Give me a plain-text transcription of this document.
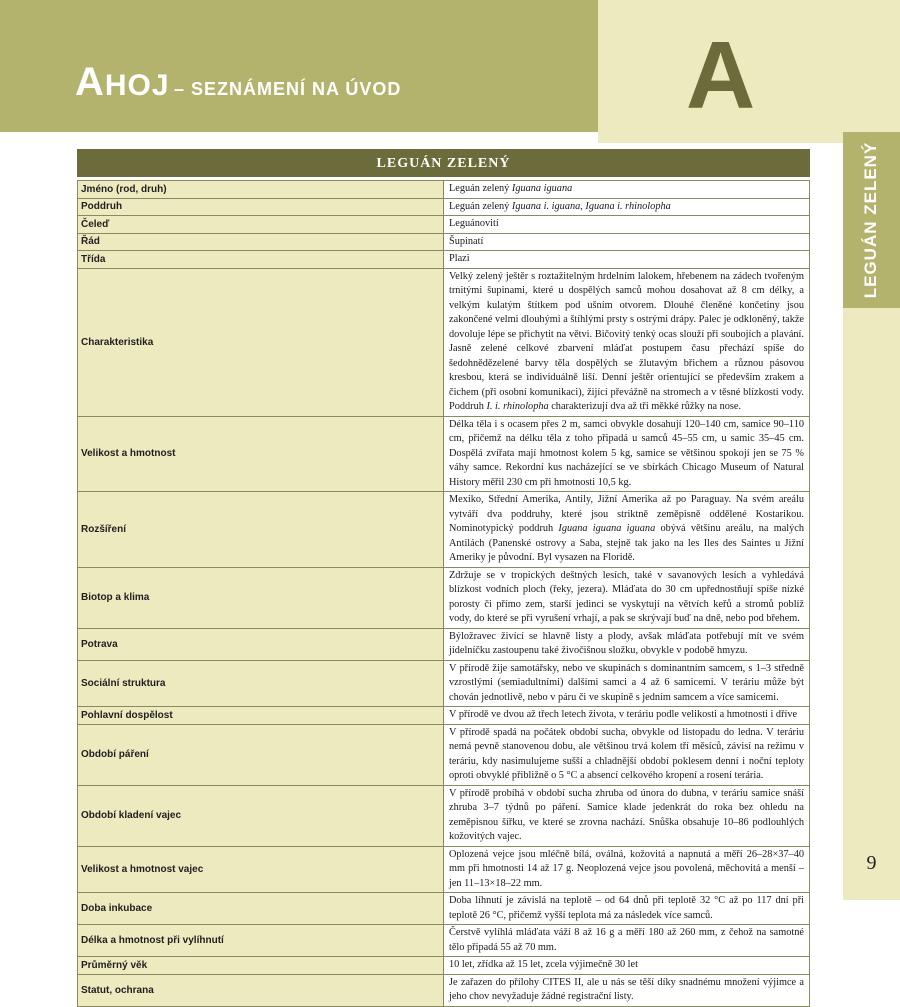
AHOJ – SEZNÁMENÍ NA ÚVOD	A
LEGUÁN ZELENÝ
9
LEGUÁN ZELENÝ	

Jméno (rod, druh)	Leguán zelený Iguana iguana
Poddruh	Leguán zelený Iguana i. iguana, Iguana i. rhinolopha
Čeleď	Leguánovití
Řád	Šupinatí
Třída	Plazi
Charakteristika	Velký zelený ještěr s roztažitelným hrdelním lalokem, hřebenem na zádech tvořeným trnitými šupinami, které u dospělých samců mohou dosahovat až 8 cm délky, a velkým kulatým štítkem pod ušním otvorem. Dlouhé členěné končetiny jsou zakončené velmi dlouhými a štíhlými prsty s ostrými drápy. Palec je odkloněný, takže dovoluje lépe se přichytit na větvi. Bičovitý tenký ocas slouží při soubojích a plavání. Jasně zelené celkové zbarvení mláďat postupem času přechází spíše do šedohnědězelené barvy těla dospělých se žlutavým břichem a různou pásovou kresbou, která se individuálně liší. Denní ještěr orientující se především zrakem a čichem (při osobní komunikaci), žijící převážně na stromech a v těsné blízkosti vody. Poddruh I. i. rhinolopha charakterizují dva až tři měkké růžky na nose.
Velikost a hmotnost	Délka těla i s ocasem přes 2 m, samci obvykle dosahují 120–140 cm, samice 90–110 cm, přičemž na délku těla z toho připadá u samců 45–55 cm, u samic 35–45 cm. Dospělá zvířata mají hmotnost kolem 5 kg, samice se většinou spokojí jen se 75 % váhy samce. Rekordní kus nacházející se ve sbírkách Chicago Museum of Natural History měřil 230 cm při hmotnosti 10,5 kg.
Rozšíření	Mexiko, Střední Amerika, Antily, Jižní Amerika až po Paraguay. Na svém areálu vytváří dva poddruhy, které jsou striktně zeměpisně oddělené Kostarikou. Nominotypický poddruh Iguana iguana iguana obývá většinu areálu, na malých Antilách (Panenské ostrovy a Saba, stejně tak jako na les Iles des Saintes u Jižní Ameriky je původní. Byl vysazen na Floridě.
Biotop a klima	Zdržuje se v tropických deštných lesích, také v savanových lesích a vyhledává blízkost vodních ploch (řeky, jezera). Mláďata do 30 cm upřednostňují spíše nízké porosty či přímo zem, starší jedinci se vyskytují na větvích keřů a stromů poblíž vody, do které se při vyrušení vrhají, a pak se skrývají buď na dně, nebo pod břehem.
Potrava	Býložravec živící se hlavně listy a plody, avšak mláďata potřebují mít ve svém jídelníčku zastoupenu také živočišnou složku, obvykle v podobě hmyzu.
Sociální struktura	V přírodě žije samotářsky, nebo ve skupinách s dominantním samcem, s 1–3 středně vzrostlými (semiadultními) dalšími samci a 4 až 6 samicemi. V teráriu může být chován jednotlivě, nebo v páru či ve skupině s jedním samcem a více samicemi.
Pohlavní dospělost	V přírodě ve dvou až třech letech života, v teráriu podle velikosti a hmotnosti i dříve
Období páření	V přírodě spadá na počátek období sucha, obvykle od listopadu do ledna. V teráriu nemá pevně stanovenou dobu, ale většinou trvá kolem tří měsíců, závisí na režimu v teráriu, kdy nasimulujeme sušší a chladnější období poklesem denní i noční teploty oproti obvyklé přibližně o 5 °C a absencí celkového kropení a rosení terária.
Období kladení vajec	V přírodě probíhá v období sucha zhruba od února do dubna, v teráriu samice snáší zhruba 3–7 týdnů po páření. Samice klade jedenkrát do roka bez ohledu na zeměpisnou šířku, ve které se zrovna nachází. Snůška obsahuje 10–86 podlouhlých kožovitých vajec.
Velikost a hmotnost vajec	Oplozená vejce jsou mléčně bílá, oválná, kožovitá a napnutá a měří 26–28×37–40 mm při hmotnosti 14 až 17 g. Neoplozená vejce jsou povolená, měchovitá a menší – jen 11–13×18–22 mm.
Doba inkubace	Doba líhnutí je závislá na teplotě – od 64 dnů při teplotě 32 °C až po 117 dní při teplotě 26 °C, přičemž vyšší teplota má za následek více samců.
Délka a hmotnost při vylíhnutí	Čerstvě vylíhlá mláďata váží 8 až 16 g a měří 180 až 260 mm, z čehož na samotné tělo připadá 55 až 70 mm.
Průměrný věk	10 let, zřídka až 15 let, zcela výjimečně 30 let
Statut, ochrana	Je zařazen do přílohy CITES II, ale u nás se těší díky snadnému množení výjimce a jeho chov nevyžaduje žádné registrační listy.
